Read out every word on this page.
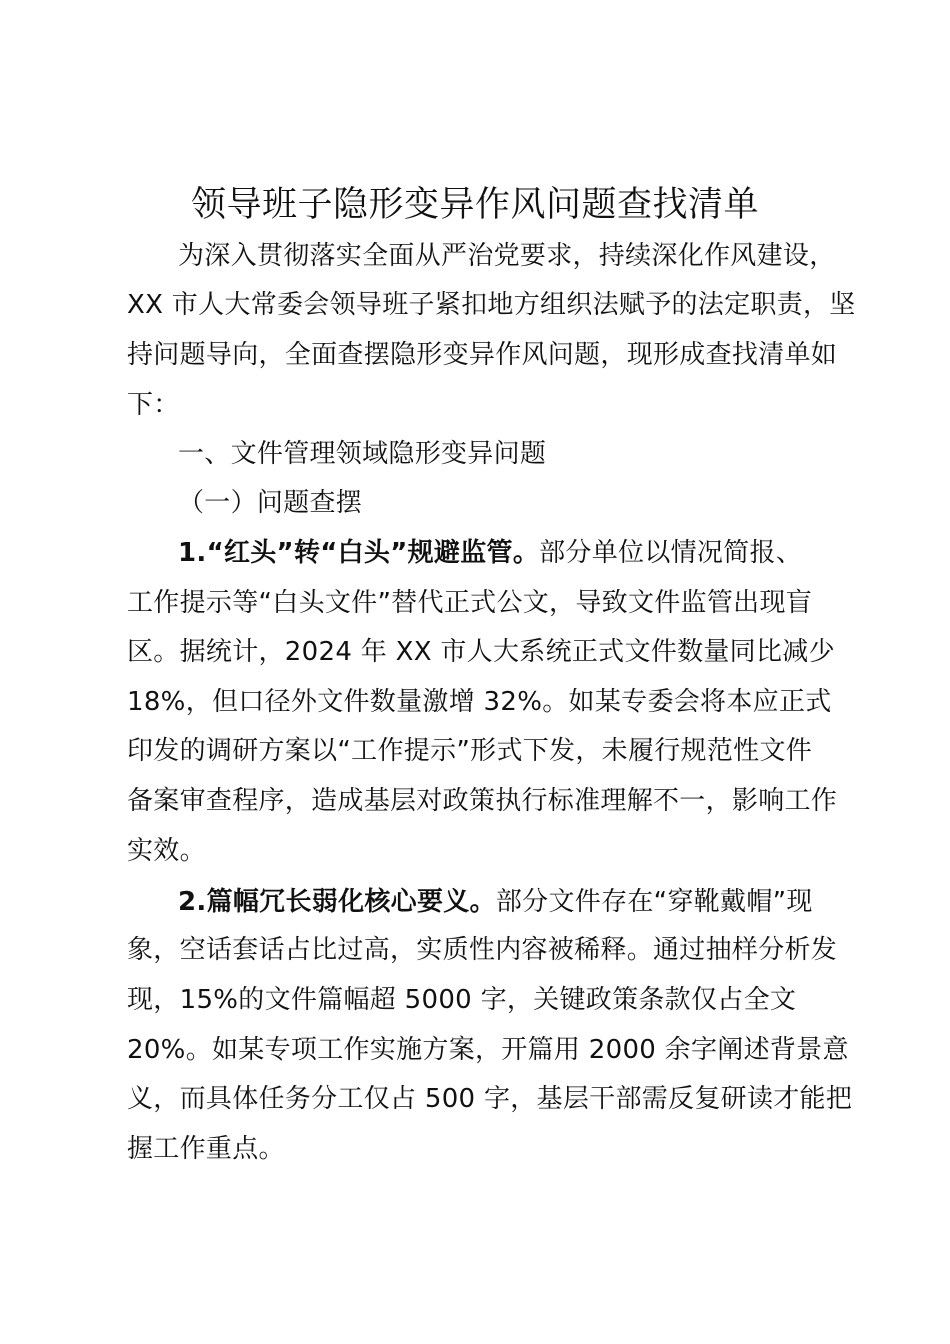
领导班子隐形变异作风问题查找清单
为深入贯彻落实全面从严治党要求，持续深化作风建设，
XX 市人大常委会领导班子紧扣地方组织法赋予的法定职责，坚
持问题导向，全面查摆隐形变异作风问题，现形成查找清单如
下：
一、文件管理领域隐形变异问题
（一）问题查摆
1.“红头”转“白头”规避监管。部分单位以情况简报、
工作提示等“白头文件”替代正式公文，导致文件监管出现盲
区。据统计，2024 年 XX 市人大系统正式文件数量同比减少
18%，但口径外文件数量激增 32%。如某专委会将本应正式
印发的调研方案以“工作提示”形式下发，未履行规范性文件
备案审查程序，造成基层对政策执行标准理解不一，影响工作
实效。
2.篇幅冗长弱化核心要义。部分文件存在“穿靴戴帽”现
象，空话套话占比过高，实质性内容被稀释。通过抽样分析发
现，15%的文件篇幅超 5000 字，关键政策条款仅占全文
20%。如某专项工作实施方案，开篇用 2000 余字阐述背景意
义，而具体任务分工仅占 500 字，基层干部需反复研读才能把
握工作重点。
